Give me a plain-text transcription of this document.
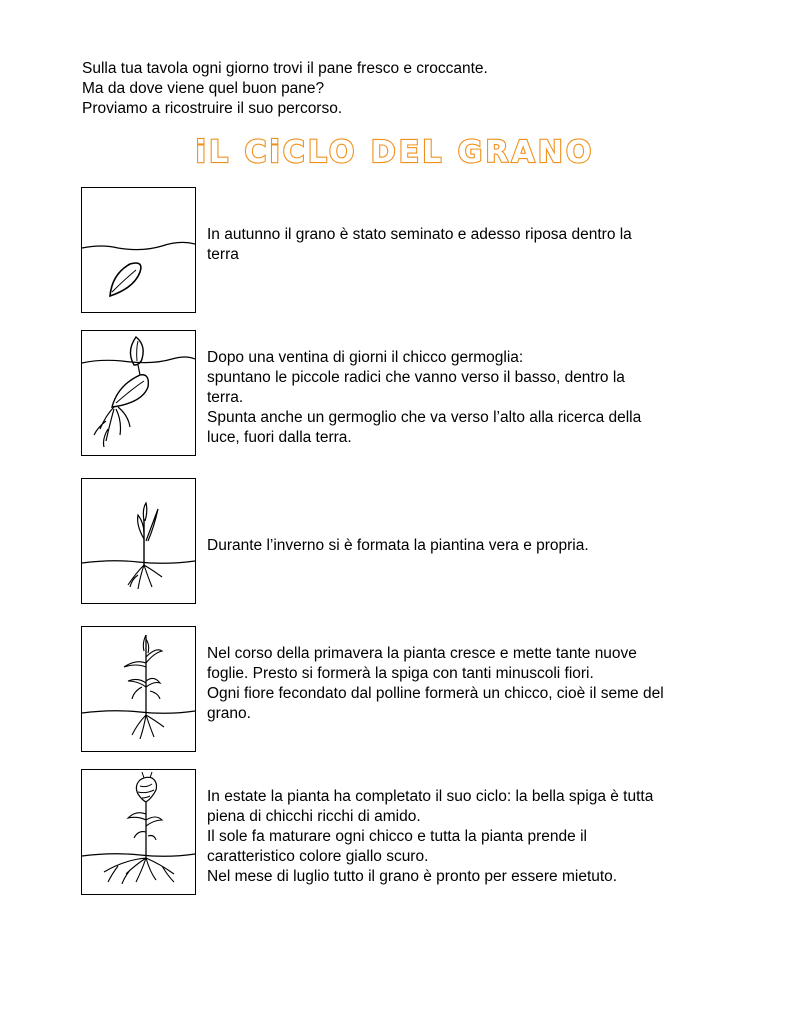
Sulla tua tavola ogni giorno trovi il pane fresco e croccante.
Ma da dove viene quel buon pane?
Proviamo a ricostruire il suo percorso.
iL CiCLO DEL GRANO
In autunno il grano è stato seminato e adesso riposa dentro la
terra
Dopo una ventina di giorni il chicco germoglia:
spuntano le piccole radici che vanno verso il basso, dentro la
terra.
Spunta anche un germoglio che va verso l’alto alla ricerca della
luce, fuori dalla terra.
Durante l’inverno si è formata la piantina vera e propria.
Nel corso della primavera la pianta cresce e mette tante nuove
foglie. Presto si formerà la spiga con tanti minuscoli fiori.
Ogni fiore fecondato dal polline formerà un chicco, cioè il seme del
grano.
In estate la pianta ha completato il suo ciclo: la bella spiga è tutta
piena di chicchi ricchi di amido.
Il sole fa maturare ogni chicco e tutta la pianta prende il
caratteristico colore giallo scuro.
Nel mese di luglio tutto il grano è pronto per essere mietuto.
